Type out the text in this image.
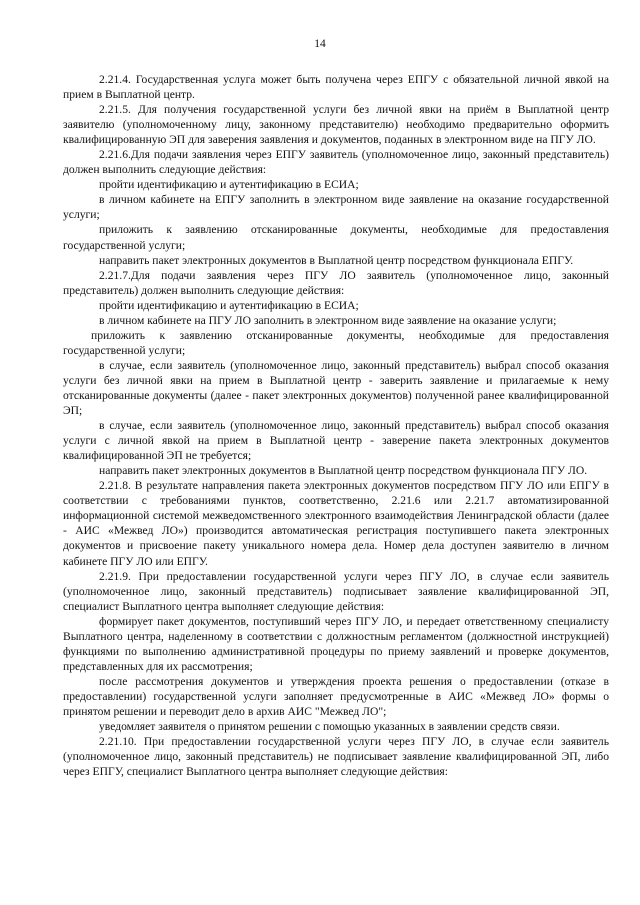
14

2.21.4. Государственная услуга может быть получена через ЕПГУ с обязательной личной явкой на прием в Выплатной центр.

2.21.5. Для получения государственной услуги без личной явки на приём в Выплатной центр заявителю (уполномоченному лицу, законному представителю) необходимо предварительно оформить квалифицированную ЭП для заверения заявления и документов, поданных в электронном виде на ПГУ ЛО.

2.21.6.Для подачи заявления через ЕПГУ заявитель (уполномоченное лицо, законный представитель) должен выполнить следующие действия:

пройти идентификацию и аутентификацию в ЕСИА;

в личном кабинете на ЕПГУ заполнить в электронном виде заявление на оказание государственной услуги;

приложить к заявлению отсканированные документы, необходимые для предоставления государственной услуги;

направить пакет электронных документов в Выплатной центр посредством функционала ЕПГУ.

2.21.7.Для подачи заявления через ПГУ ЛО заявитель (уполномоченное лицо, законный представитель) должен выполнить следующие действия:

пройти идентификацию и аутентификацию в ЕСИА;

в личном кабинете на ПГУ ЛО заполнить в электронном виде заявление на оказание услуги;

приложить к заявлению отсканированные документы, необходимые для предоставления государственной услуги;

в случае, если заявитель (уполномоченное лицо, законный представитель) выбрал способ оказания услуги без личной явки на прием в Выплатной центр - заверить заявление и прилагаемые к нему отсканированные документы (далее - пакет электронных документов) полученной ранее квалифицированной ЭП;

в случае, если заявитель (уполномоченное лицо, законный представитель) выбрал способ оказания услуги с личной явкой на прием в Выплатной центр - заверение пакета электронных документов квалифицированной ЭП не требуется;

направить пакет электронных документов в Выплатной центр посредством функционала ПГУ ЛО.

2.21.8. В результате направления пакета электронных документов посредством ПГУ ЛО или ЕПГУ в соответствии с требованиями пунктов, соответственно, 2.21.6 или 2.21.7 автоматизированной информационной системой межведомственного электронного взаимодействия Ленинградской области (далее - АИС «Межвед ЛО») производится автоматическая регистрация поступившего пакета электронных документов и присвоение пакету уникального номера дела. Номер дела доступен заявителю в личном кабинете ПГУ ЛО или ЕПГУ.

2.21.9. При предоставлении государственной услуги через ПГУ ЛО, в случае если заявитель (уполномоченное лицо, законный представитель) подписывает заявление квалифицированной ЭП, специалист Выплатного центра выполняет следующие действия:

формирует пакет документов, поступивший через ПГУ ЛО, и передает ответственному специалисту Выплатного центра, наделенному в соответствии с должностным регламентом (должностной инструкцией) функциями по выполнению административной процедуры по приему заявлений и проверке документов, представленных для их рассмотрения;

после рассмотрения документов и утверждения проекта решения о предоставлении (отказе в предоставлении) государственной услуги заполняет предусмотренные в АИС «Межвед ЛО» формы о принятом решении и переводит дело в архив АИС "Межвед ЛО";

уведомляет заявителя о принятом решении с помощью указанных в заявлении средств связи.

2.21.10. При предоставлении государственной услуги через ПГУ ЛО, в случае если заявитель (уполномоченное лицо, законный представитель) не подписывает заявление квалифицированной ЭП, либо через ЕПГУ, специалист Выплатного центра выполняет следующие действия:
